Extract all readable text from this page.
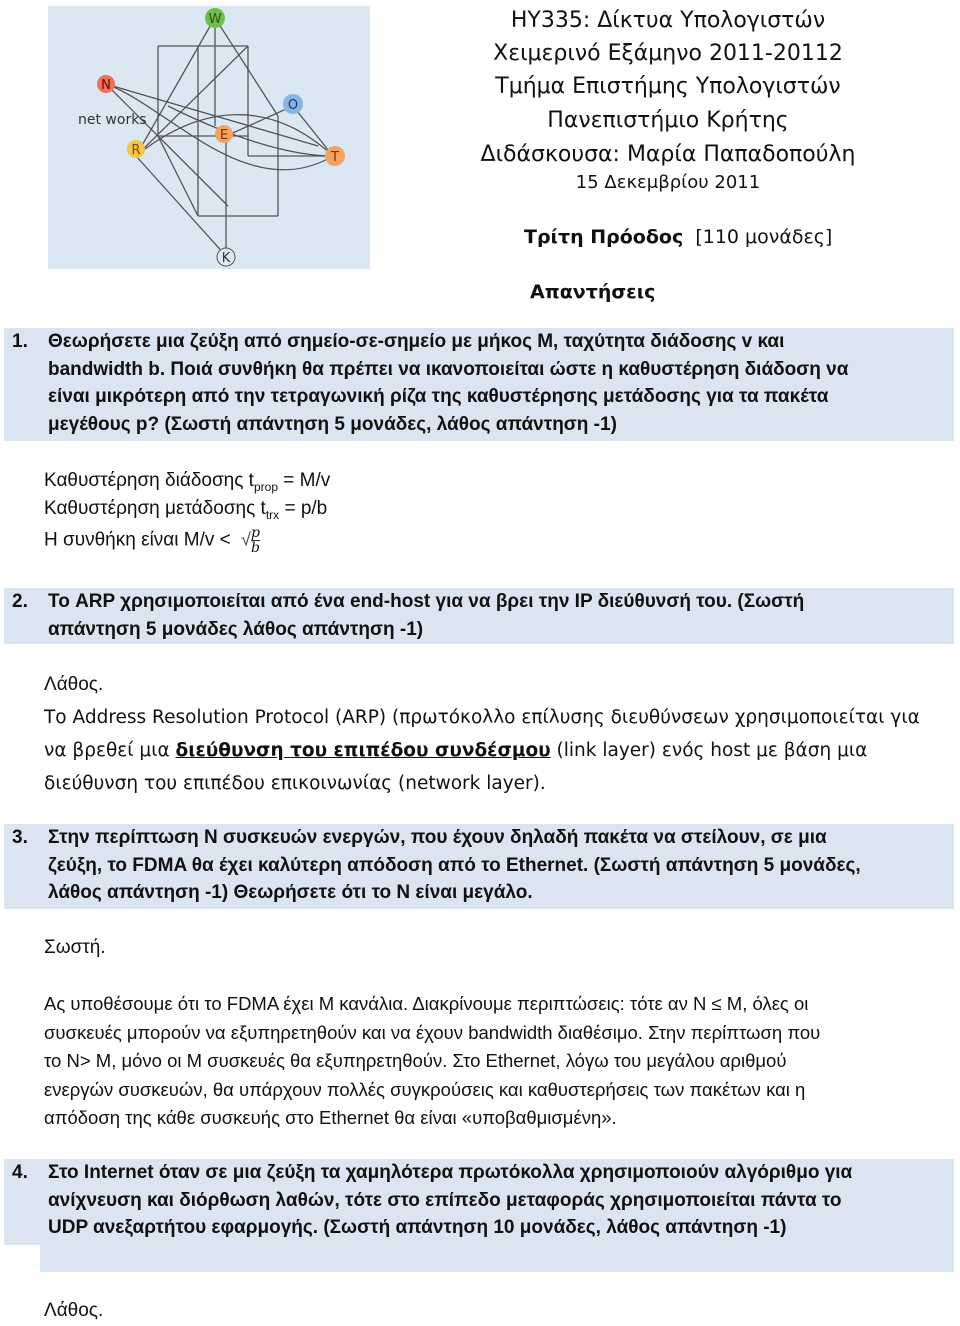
W
O
E
R
N
T
K
net works
ΗΥ335: Δίκτυα Υπολογιστών
Χειμερινό Εξάμηνο 2011-20112
Τμήμα Επιστήμης Υπολογιστών
Πανεπιστήμιο Κρήτης
Διδάσκουσα: Μαρία Παπαδοπούλη
15 Δεκεμβρίου 2011
Τρίτη Πρόοδος [110 μονάδες]
Απαντήσεις
1. Θεωρήσετε μια ζεύξη από σημείο-σε-σημείο με μήκος M, ταχύτητα διάδοσης v και
bandwidth b. Ποιά συνθήκη θα πρέπει να ικανοποιείται ώστε η καθυστέρηση διάδοση να
είναι μικρότερη από την τετραγωνική ρίζα της καθυστέρησης μετάδοσης για τα πακέτα
μεγέθους p? (Σωστή απάντηση 5 μονάδες, λάθος απάντηση -1)
Καθυστέρηση διάδοσης $t_{prop} = M/v$
Καθυστέρηση μετάδοσης $t_{trx} = p/b$
Η συνθήκη είναι M/v <  √ $\frac{p}{b}$
2. Το ARP χρησιμοποιείται από ένα end-host για να βρει την IP διεύθυνσή του. (Σωστή
απάντηση 5 μονάδες λάθος απάντηση -1)
Λάθος.
Το Address Resolution Protocol (ARP) (πρωτόκολλο επίλυσης διευθύνσεων χρησιμοποιείται για
να βρεθεί μια διεύθυνση του επιπέδου συνδέσμου (link layer) ενός host με βάση μια
διεύθυνση του επιπέδου επικοινωνίας (network layer).
3. Στην περίπτωση N συσκευών ενεργών, που έχουν δηλαδή πακέτα να στείλουν, σε μια
ζεύξη, το FDMA θα έχει καλύτερη απόδοση από το Ethernet. (Σωστή απάντηση 5 μονάδες,
λάθος απάντηση -1) Θεωρήσετε ότι το N είναι μεγάλο.
Σωστή.
Ας υποθέσουμε ότι το FDMA έχει M κανάλια. Διακρίνουμε περιπτώσεις: τότε αν N ≤ M, όλες οι
συσκευές μπορούν να εξυπηρετηθούν και να έχουν bandwidth διαθέσιμο. Στην περίπτωση που
το N> M, μόνο οι M συσκευές θα εξυπηρετηθούν. Στο Ethernet, λόγω του μεγάλου αριθμού
ενεργών συσκευών, θα υπάρχουν πολλές συγκρούσεις και καθυστερήσεις των πακέτων και η
απόδοση της κάθε συσκευής στο Ethernet θα είναι «υποβαθμισμένη».
4. Στο Internet όταν σε μια ζεύξη τα χαμηλότερα πρωτόκολλα χρησιμοποιούν αλγόριθμο για
ανίχνευση και διόρθωση λαθών, τότε στο επίπεδο μεταφοράς χρησιμοποιείται πάντα το
UDP ανεξαρτήτου εφαρμογής. (Σωστή απάντηση 10 μονάδες, λάθος απάντηση -1)
Λάθος.
